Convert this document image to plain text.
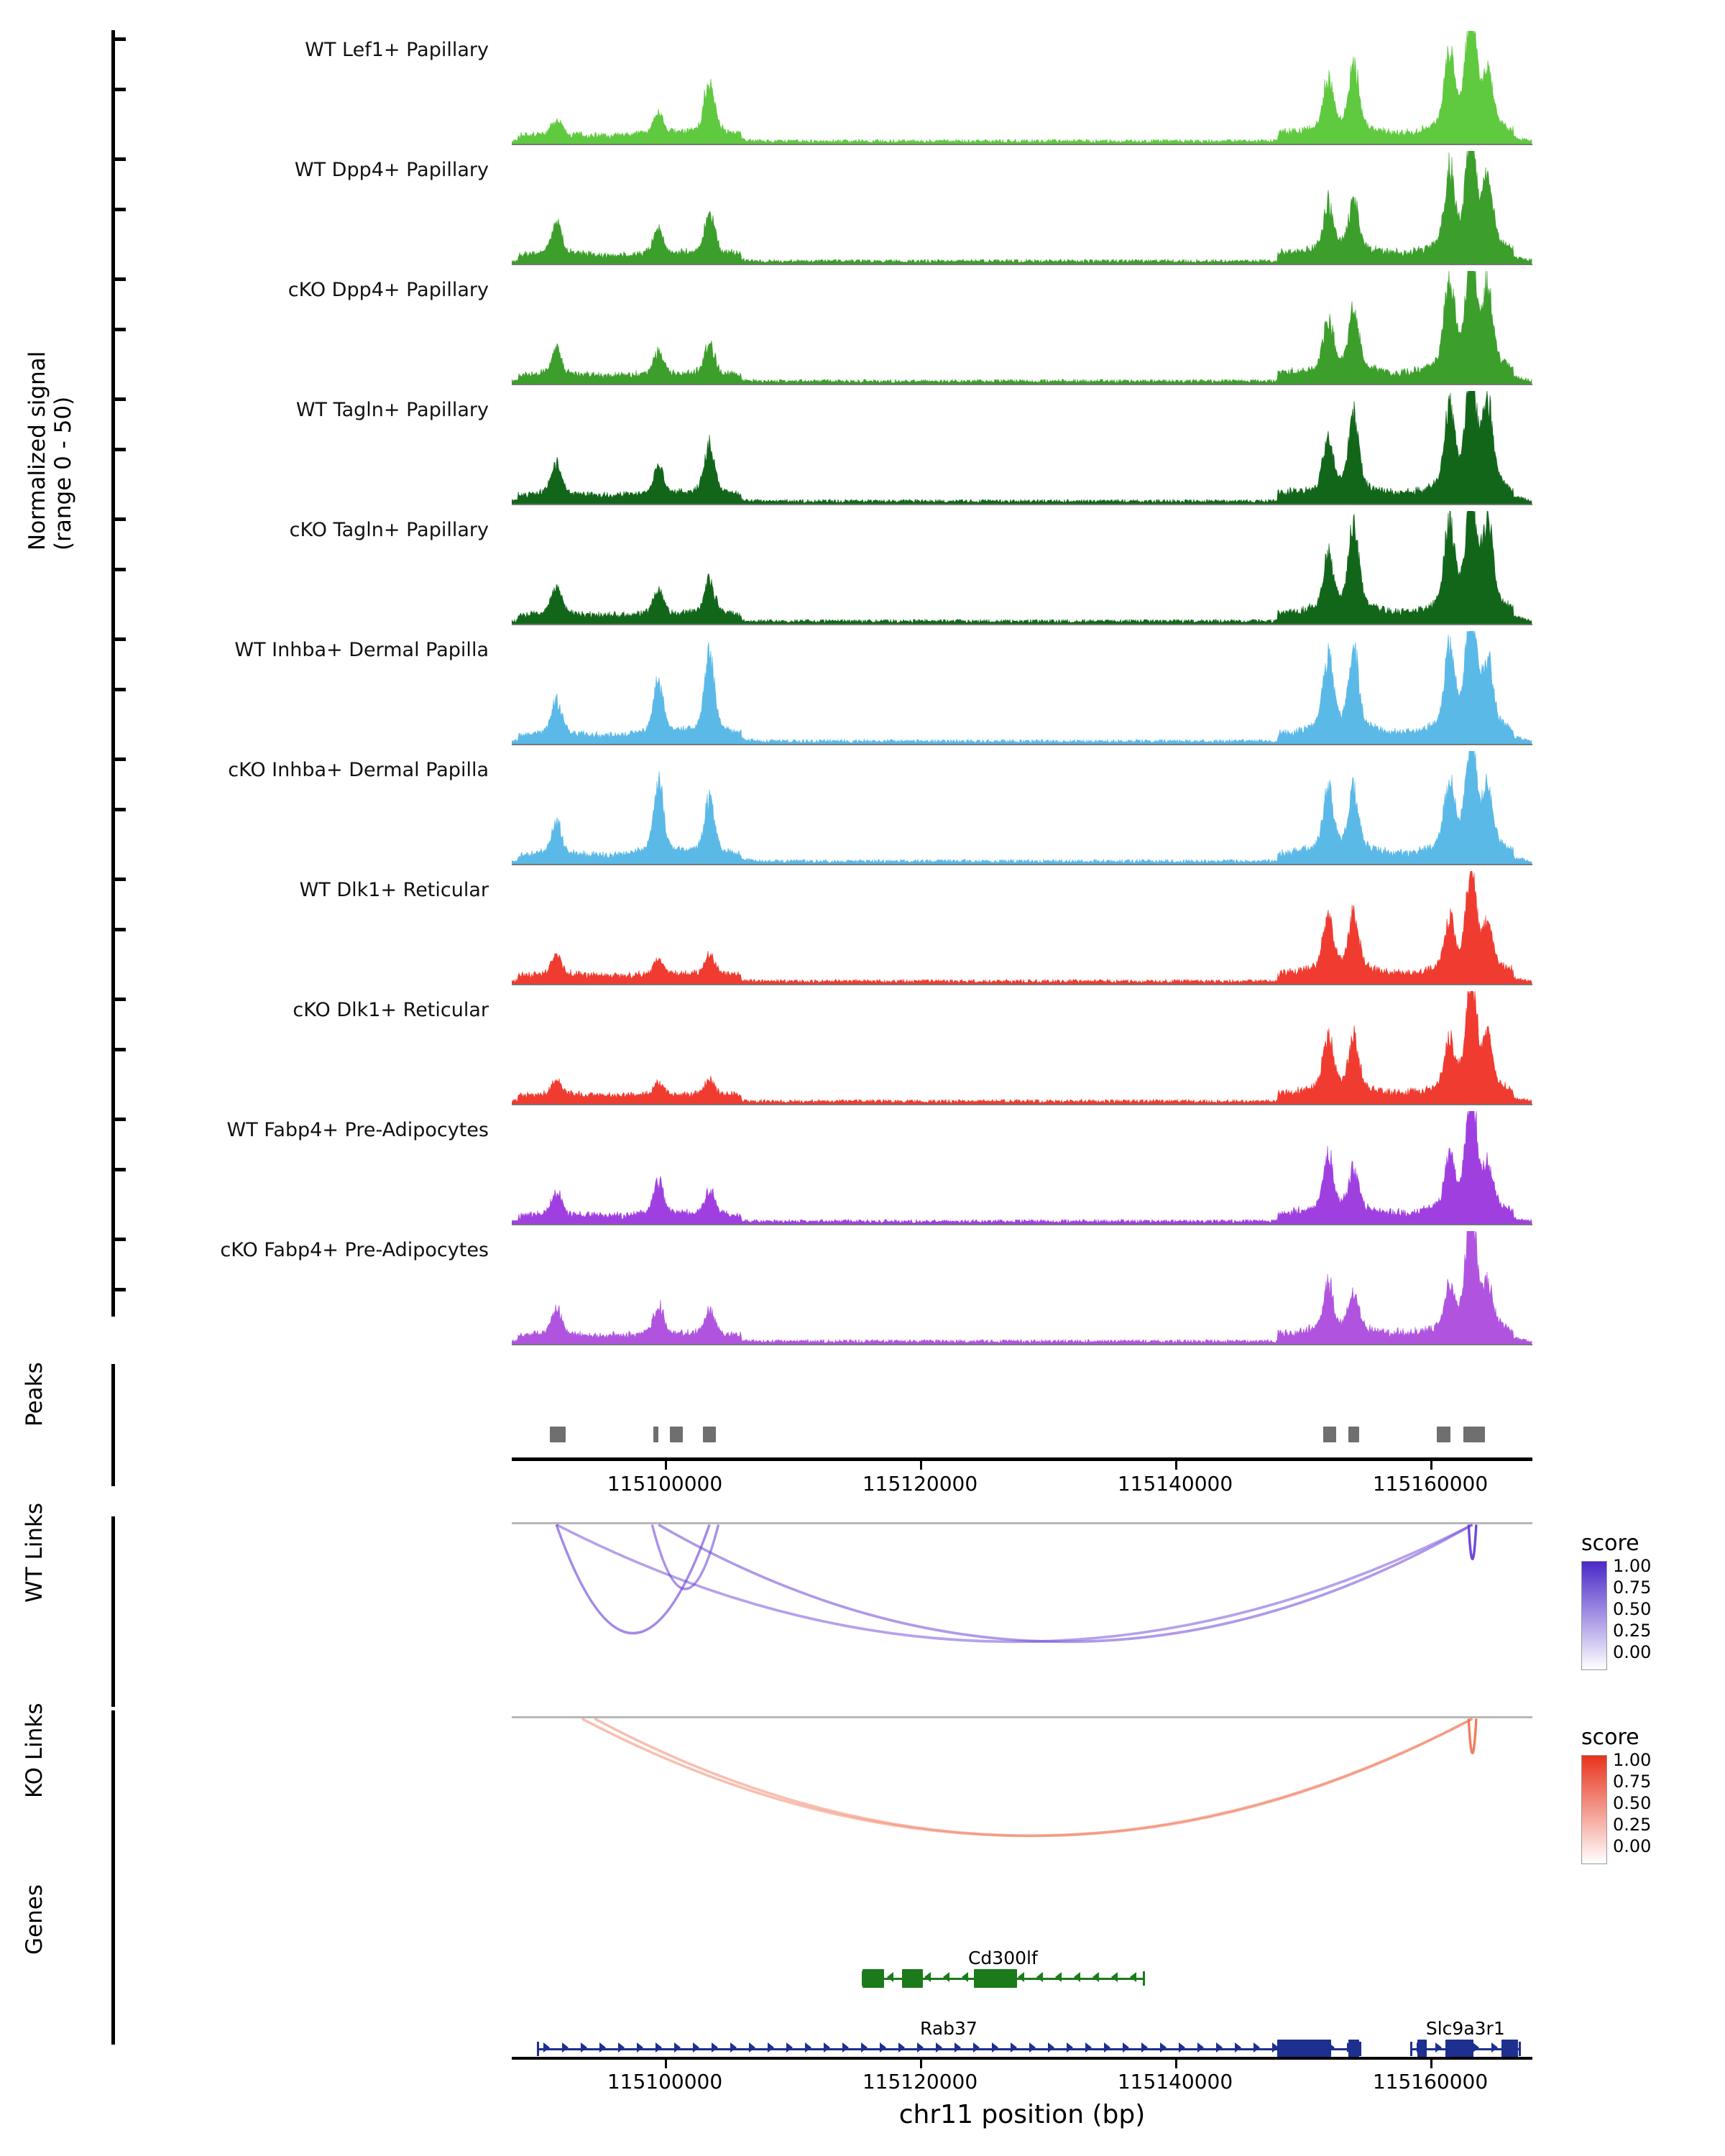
Normalized signal (range 0 - 50)
WT Lef1+ Papillary
WT Dpp4+ Papillary
cKO Dpp4+ Papillary
WT Tagln+ Papillary
cKO Tagln+ Papillary
WT Inhba+ Dermal Papilla
cKO Inhba+ Dermal Papilla
WT Dlk1+ Reticular
cKO Dlk1+ Reticular
WT Fabp4+ Pre-Adipocytes
cKO Fabp4+ Pre-Adipocytes
Peaks
115100000	115120000	115140000	115160000
WT Links
KO Links
score
1.00
0.75
0.50
0.25
0.00
score
1.00
0.75
0.50
0.25
0.00
Genes
Cd300lf
Rab37	Slc9a3r1
115100000	115120000	115140000	115160000
chr11 position (bp)
